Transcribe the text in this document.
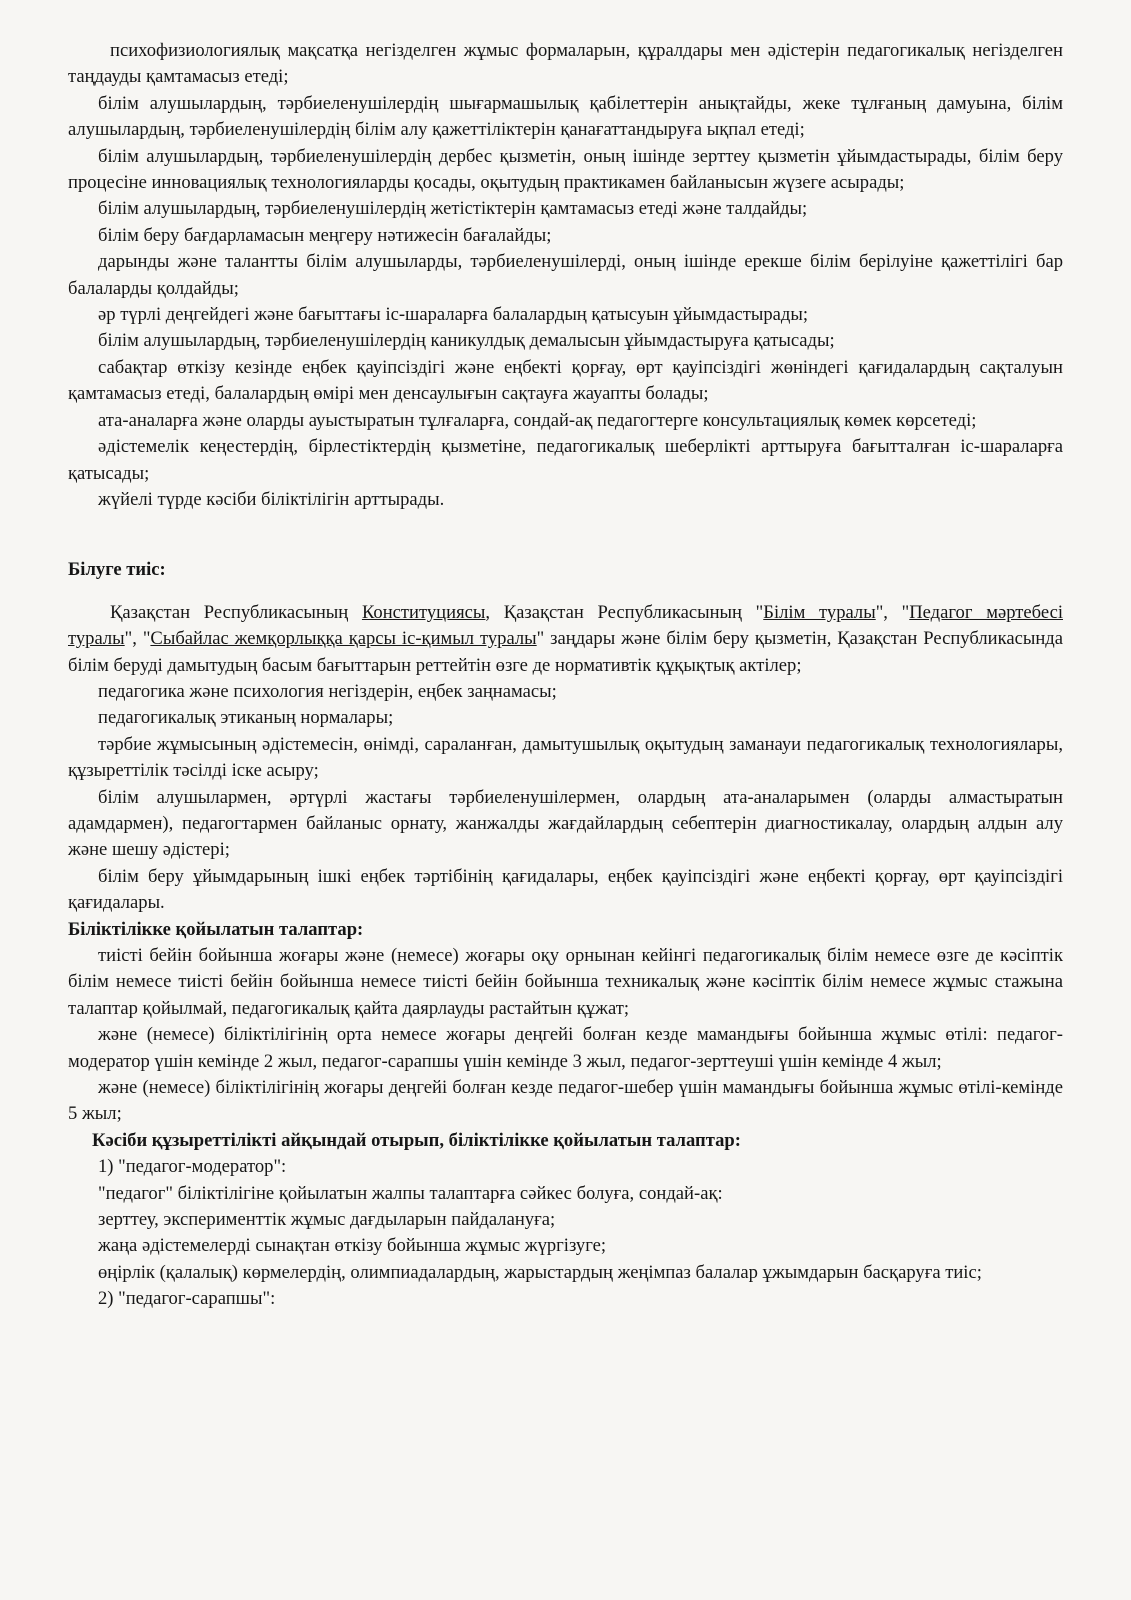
психофизиологиялық мақсатқа негізделген жұмыс формаларын, құралдары мен әдістерін педагогикалық негізделген таңдауды қамтамасыз етеді;

білім алушылардың, тәрбиеленушілердің шығармашылық қабілеттерін анықтайды, жеке тұлғаның дамуына, білім алушылардың, тәрбиеленушілердің білім алу қажеттіліктерін қанағаттандыруға ықпал етеді;

білім алушылардың, тәрбиеленушілердің дербес қызметін, оның ішінде зерттеу қызметін ұйымдастырады, білім беру процесіне инновациялық технологияларды қосады, оқытудың практикамен байланысын жүзеге асырады;

білім алушылардың, тәрбиеленушілердің жетістіктерін қамтамасыз етеді және талдайды;

білім беру бағдарламасын меңгеру нәтижесін бағалайды;

дарынды және талантты білім алушыларды, тәрбиеленушілерді, оның ішінде ерекше білім берілуіне қажеттілігі бар балаларды қолдайды;

әр түрлі деңгейдегі және бағыттағы іс-шараларға балалардың қатысуын ұйымдастырады;

білім алушылардың, тәрбиеленушілердің каникулдық демалысын ұйымдастыруға қатысады;

сабақтар өткізу кезінде еңбек қауіпсіздігі және еңбекті қорғау, өрт қауіпсіздігі жөніндегі қағидалардың сақталуын қамтамасыз етеді, балалардың өмірі мен денсаулығын сақтауға жауапты болады;

ата-аналарға және оларды ауыстыратын тұлғаларға, сондай-ақ педагогтерге консультациялық көмек көрсетеді;

әдістемелік кеңестердің, бірлестіктердің қызметіне, педагогикалық шеберлікті арттыруға бағытталған іс-шараларға қатысады;

жүйелі түрде кәсіби біліктілігін арттырады.

Білуге тиіс:

Қазақстан Республикасының Конституциясы, Қазақстан Республикасының "Білім туралы", "Педагог мәртебесі туралы", "Сыбайлас жемқорлыққа қарсы іс-қимыл туралы" заңдары және білім беру қызметін, Қазақстан Республикасында білім беруді дамытудың басым бағыттарын реттейтін өзге де нормативтік құқықтық актілер;

педагогика және психология негіздерін, еңбек заңнамасы;

педагогикалық этиканың нормалары;

тәрбие жұмысының әдістемесін, өнімді, сараланған, дамытушылық оқытудың заманауи педагогикалық технологиялары, құзыреттілік тәсілді іске асыру;

білім алушылармен, әртүрлі жастағы тәрбиеленушілермен, олардың ата-аналарымен (оларды алмастыратын адамдармен), педагогтармен байланыс орнату, жанжалды жағдайлардың себептерін диагностикалау, олардың алдын алу және шешу әдістері;

білім беру ұйымдарының ішкі еңбек тәртібінің қағидалары, еңбек қауіпсіздігі және еңбекті қорғау, өрт қауіпсіздігі қағидалары.

Біліктілікке қойылатын талаптар:

тиісті бейін бойынша жоғары және (немесе) жоғары оқу орнынан кейінгі педагогикалық білім немесе өзге де кәсіптік білім немесе тиісті бейін бойынша немесе тиісті бейін бойынша техникалық және кәсіптік білім немесе жұмыс стажына талаптар қойылмай, педагогикалық қайта даярлауды растайтын құжат;

және (немесе) біліктілігінің орта немесе жоғары деңгейі болған кезде мамандығы бойынша жұмыс өтілі: педагог-модератор үшін кемінде 2 жыл, педагог-сарапшы үшін кемінде 3 жыл, педагог-зерттеуші үшін кемінде 4 жыл;

және (немесе) біліктілігінің жоғары деңгейі болған кезде педагог-шебер үшін мамандығы бойынша жұмыс өтілі-кемінде 5 жыл;

Кәсіби құзыреттілікті айқындай отырып, біліктілікке қойылатын талаптар:

1) "педагог-модератор":

"педагог" біліктілігіне қойылатын жалпы талаптарға сәйкес болуға, сондай-ақ:

зерттеу, эксперименттік жұмыс дағдыларын пайдалануға;

жаңа әдістемелерді сынақтан өткізу бойынша жұмыс жүргізуге;

өңірлік (қалалық) көрмелердің, олимпиадалардың, жарыстардың жеңімпаз балалар ұжымдарын басқаруға тиіс;

2) "педагог-сарапшы":
